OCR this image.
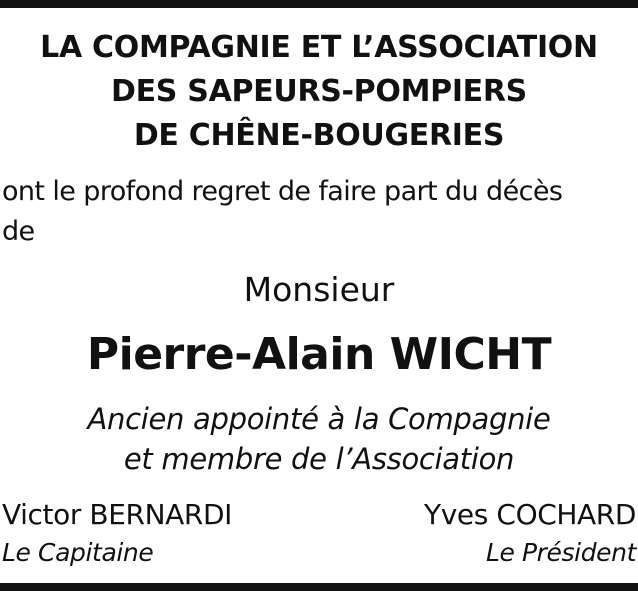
LA COMPAGNIE ET L’ASSOCIATION
DES SAPEURS-POMPIERS
DE CHÊNE-BOUGERIES
ont le profond regret de faire part du décès
de
Monsieur
Pierre-Alain WICHT
Ancien appointé à la Compagnie
et membre de l’Association
Victor BERNARDI
Le Capitaine
Yves COCHARD
Le Président
